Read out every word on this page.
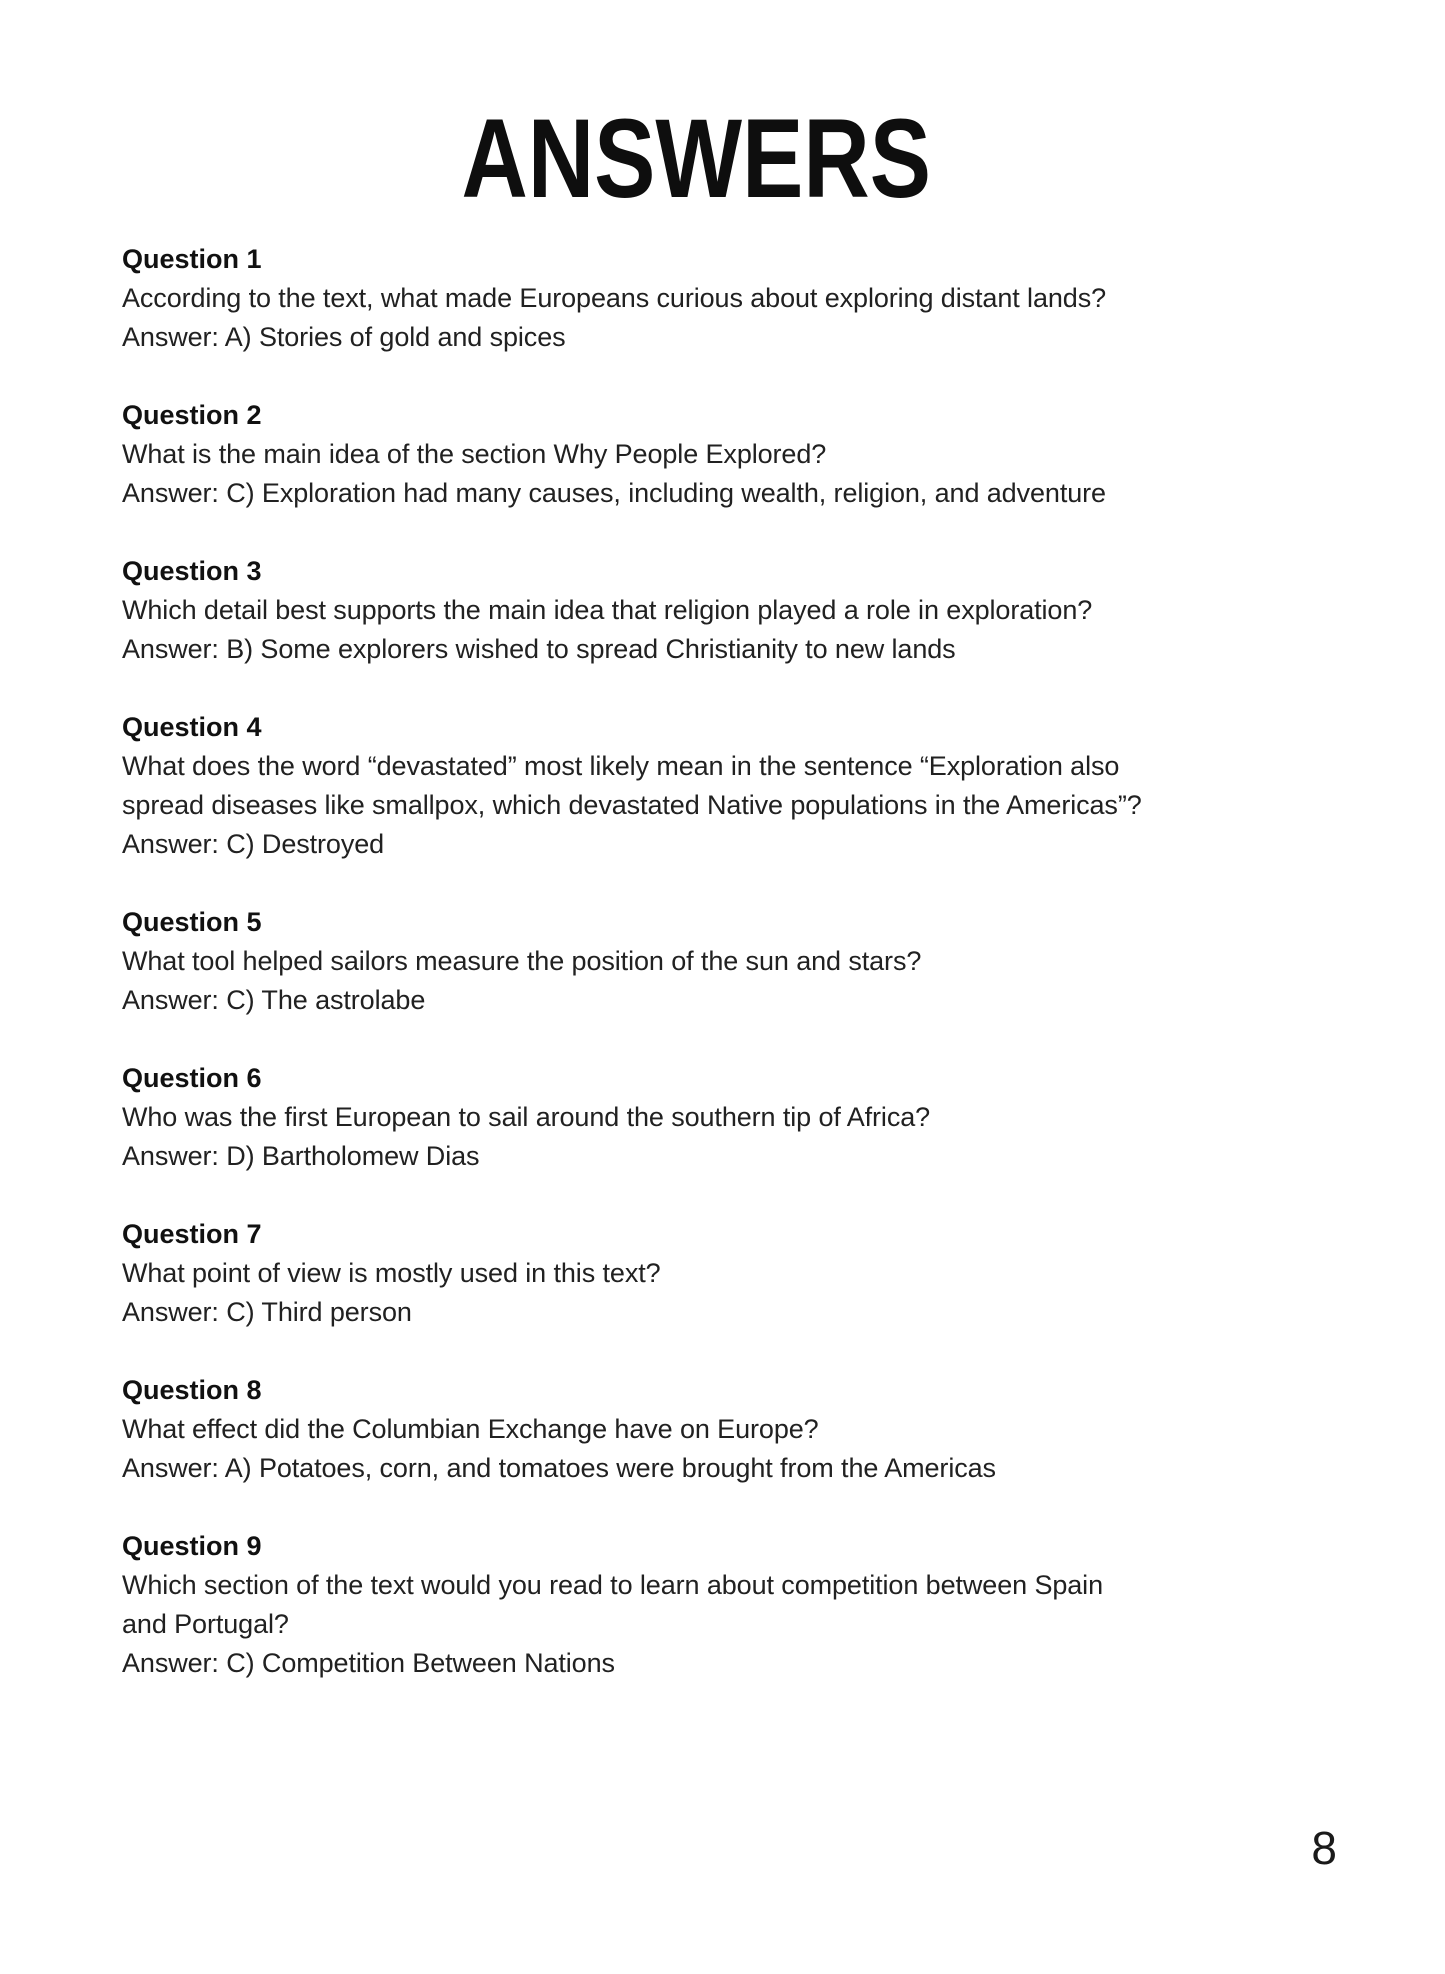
ANSWERS
Question 1
According to the text, what made Europeans curious about exploring distant lands?
Answer: A) Stories of gold and spices
Question 2
What is the main idea of the section Why People Explored?
Answer: C) Exploration had many causes, including wealth, religion, and adventure
Question 3
Which detail best supports the main idea that religion played a role in exploration?
Answer: B) Some explorers wished to spread Christianity to new lands
Question 4
What does the word “devastated” most likely mean in the sentence “Exploration also
spread diseases like smallpox, which devastated Native populations in the Americas”?
Answer: C) Destroyed
Question 5
What tool helped sailors measure the position of the sun and stars?
Answer: C) The astrolabe
Question 6
Who was the first European to sail around the southern tip of Africa?
Answer: D) Bartholomew Dias
Question 7
What point of view is mostly used in this text?
Answer: C) Third person
Question 8
What effect did the Columbian Exchange have on Europe?
Answer: A) Potatoes, corn, and tomatoes were brought from the Americas
Question 9
Which section of the text would you read to learn about competition between Spain
and Portugal?
Answer: C) Competition Between Nations
8
